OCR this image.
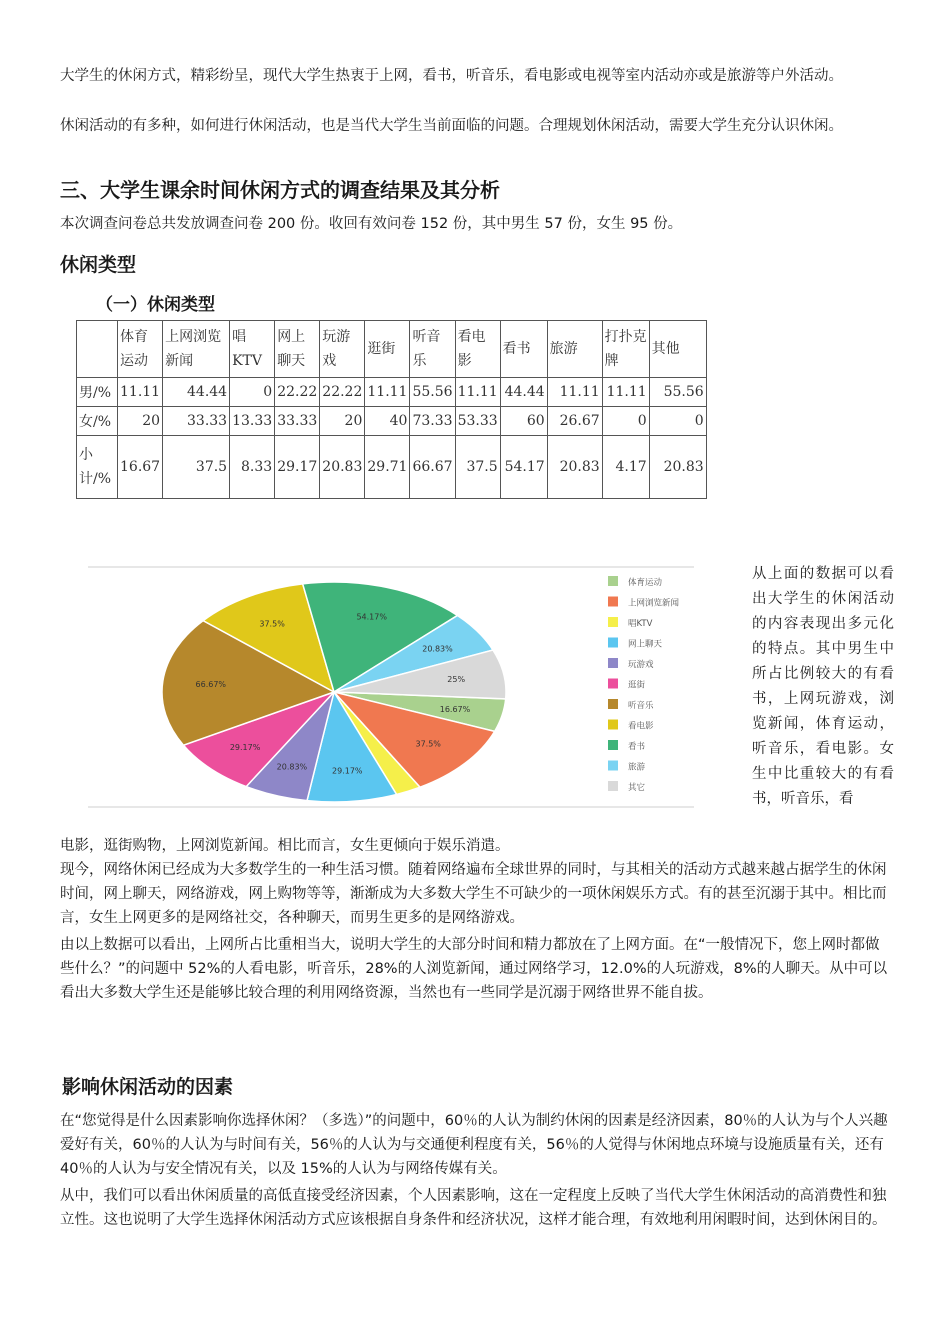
大学生的休闲方式，精彩纷呈，现代大学生热衷于上网，看书，听音乐，看电影或电视等室内活动亦或是旅游等户外活动。

休闲活动的有多种，如何进行休闲活动，也是当代大学生当前面临的问题。合理规划休闲活动，需要大学生充分认识休闲。

三、大学生课余时间休闲方式的调查结果及其分析

本次调查问卷总共发放调查问卷 200 份。收回有效问卷 152 份，其中男生 57 份，女生 95 份。

休闲类型
（一）休闲类型
	体育运动	上网浏览新闻	唱KTV	网上聊天	玩游戏	逛街	听音乐	看电影	看书	旅游	打扑克牌	其他
男/%	11.11	44.44	0	22.22	22.22	11.11	55.56	11.11	44.44	11.11	11.11	55.56
女/%	20	33.33	13.33	33.33	20	40	73.33	53.33	60	26.67	0	0
小计/%	16.67	37.5	8.33	29.17	20.83	29.71	66.67	37.5	54.17	20.83	4.17	20.83
16.67%
37.5%
29.17%
20.83%
29.17%
66.67%
37.5%
54.17%
20.83%
25%
体育运动
上网浏览新闻
唱KTV
网上聊天
玩游戏
逛街
听音乐
看电影
看书
旅游
其它
从上面的数据可以看出大学生的休闲活动的内容表现出多元化的特点。其中男生中所占比例较大的有看书，上网玩游戏，浏览新闻，体育运动，听音乐，看电影。女生中比重较大的有看书，听音乐，看

电影，逛街购物，上网浏览新闻。相比而言，女生更倾向于娱乐消遣。

现今，网络休闲已经成为大多数学生的一种生活习惯。随着网络遍布全球世界的同时，与其相关的活动方式越来越占据学生的休闲时间，网上聊天，网络游戏，网上购物等等，渐渐成为大多数大学生不可缺少的一项休闲娱乐方式。有的甚至沉溺于其中。相比而言，女生上网更多的是网络社交，各种聊天，而男生更多的是网络游戏。

由以上数据可以看出，上网所占比重相当大，说明大学生的大部分时间和精力都放在了上网方面。在“一般情况下，您上网时都做些什么？”的问题中 52%的人看电影，听音乐，28%的人浏览新闻，通过网络学习，12.0%的人玩游戏，8%的人聊天。从中可以看出大多数大学生还是能够比较合理的利用网络资源，当然也有一些同学是沉溺于网络世界不能自拔。

影响休闲活动的因素

在“您觉得是什么因素影响你选择休闲？（多选）”的问题中，60％的人认为制约休闲的因素是经济因素，80％的人认为与个人兴趣爱好有关，60％的人认为与时间有关，56％的人认为与交通便利程度有关，56％的人觉得与休闲地点环境与设施质量有关，还有40％的人认为与安全情况有关，以及 15%的人认为与网络传媒有关。

从中，我们可以看出休闲质量的高低直接受经济因素，个人因素影响，这在一定程度上反映了当代大学生休闲活动的高消费性和独立性。这也说明了大学生选择休闲活动方式应该根据自身条件和经济状况，这样才能合理，有效地利用闲暇时间，达到休闲目的。
